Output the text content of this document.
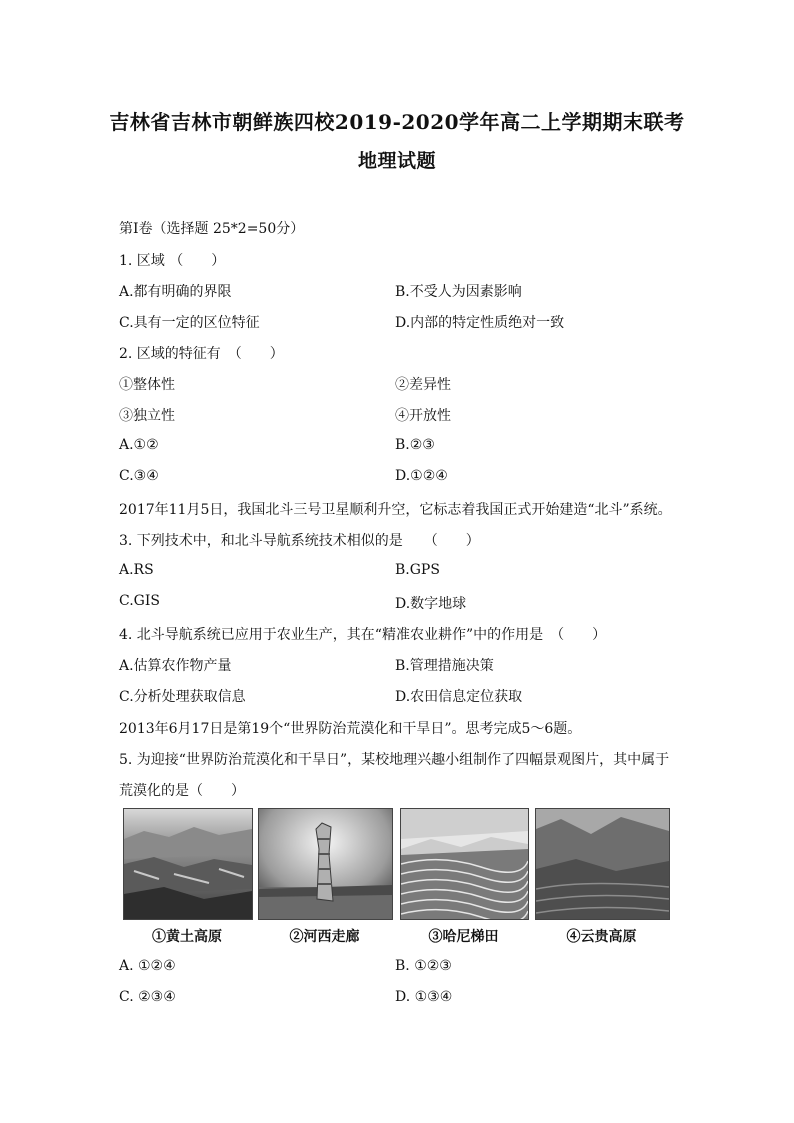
吉林省吉林市朝鲜族四校2019-2020学年高二上学期期末联考
地理试题
第Ⅰ卷（选择题 25*2=50分）
1. 区域 （　　）
A.都有明确的界限	B.不受人为因素影响
C.具有一定的区位特征	D.内部的特定性质绝对一致
2. 区域的特征有　（　　）
①整体性	②差异性
③独立性	④开放性
A.①②	B.②③
C.③④	D.①②④
2017年11月5日，我国北斗三号卫星顺利升空，它标志着我国正式开始建造“北斗”系统。
3. 下列技术中，和北斗导航系统技术相似的是　　（　　）
A.RS	B.GPS
C.GIS	D.数字地球
4. 北斗导航系统已应用于农业生产，其在“精准农业耕作”中的作用是　（　　）
A.估算农作物产量	B.管理措施决策
C.分析处理获取信息	D.农田信息定位获取
2013年6月17日是第19个“世界防治荒漠化和干旱日”。思考完成5～6题。
5. 为迎接“世界防治荒漠化和干旱日”，某校地理兴趣小组制作了四幅景观图片，其中属于
荒漠化的是（　　）
①黄土高原	②河西走廊	③哈尼梯田	④云贵高原
A. ①②④	B. ①②③
C. ②③④	D. ①③④
